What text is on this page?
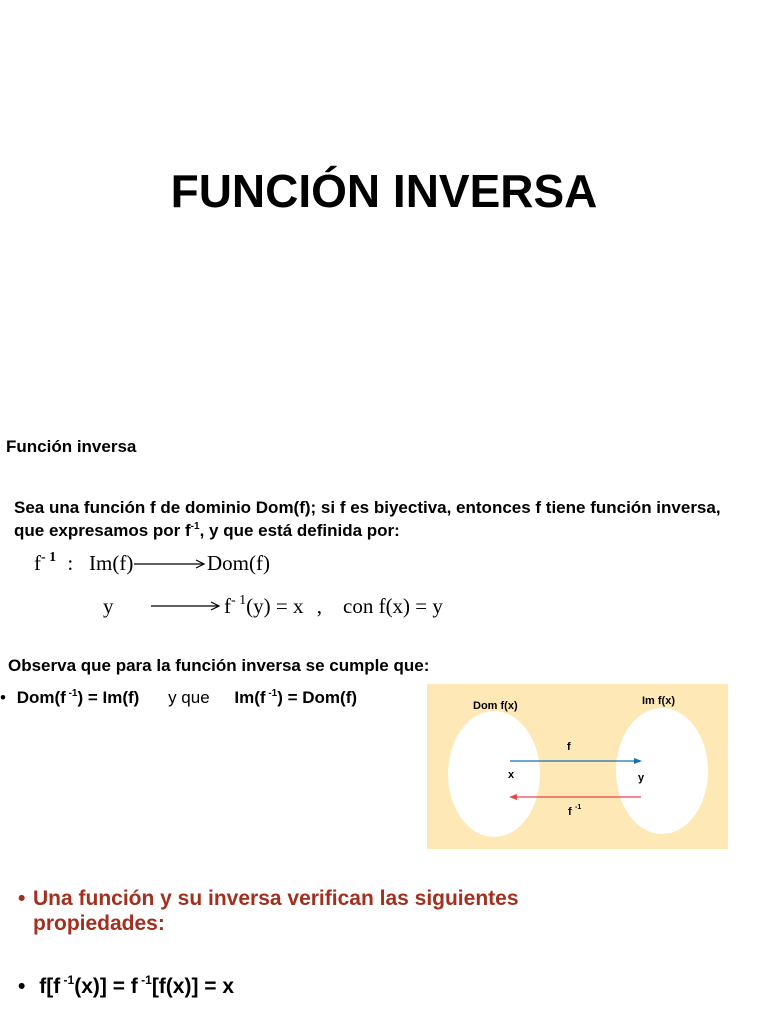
FUNCIÓN INVERSA
Función inversa
Sea una función f de dominio Dom(f); si f es biyectiva, entonces f tiene función inversa, que expresamos por $f^{-1}$, y que está definida por:
$f^{- 1}$ : Im(f)	Dom(f)
y	$f^{- 1}(y) = x$ , con f(x) = y
Observa que para la función inversa se cumple que:
• Dom(f $^{-1}$) = Im(f) y que Im(f $^{-1}$) = Dom(f)	Dom f(x)	Im f(x)
f
x	y
f -1
• Una función y su inversa verifican las siguientes propiedades:
• f[f $^{-1}$(x)] = f $^{-1}$[f(x)] = x
